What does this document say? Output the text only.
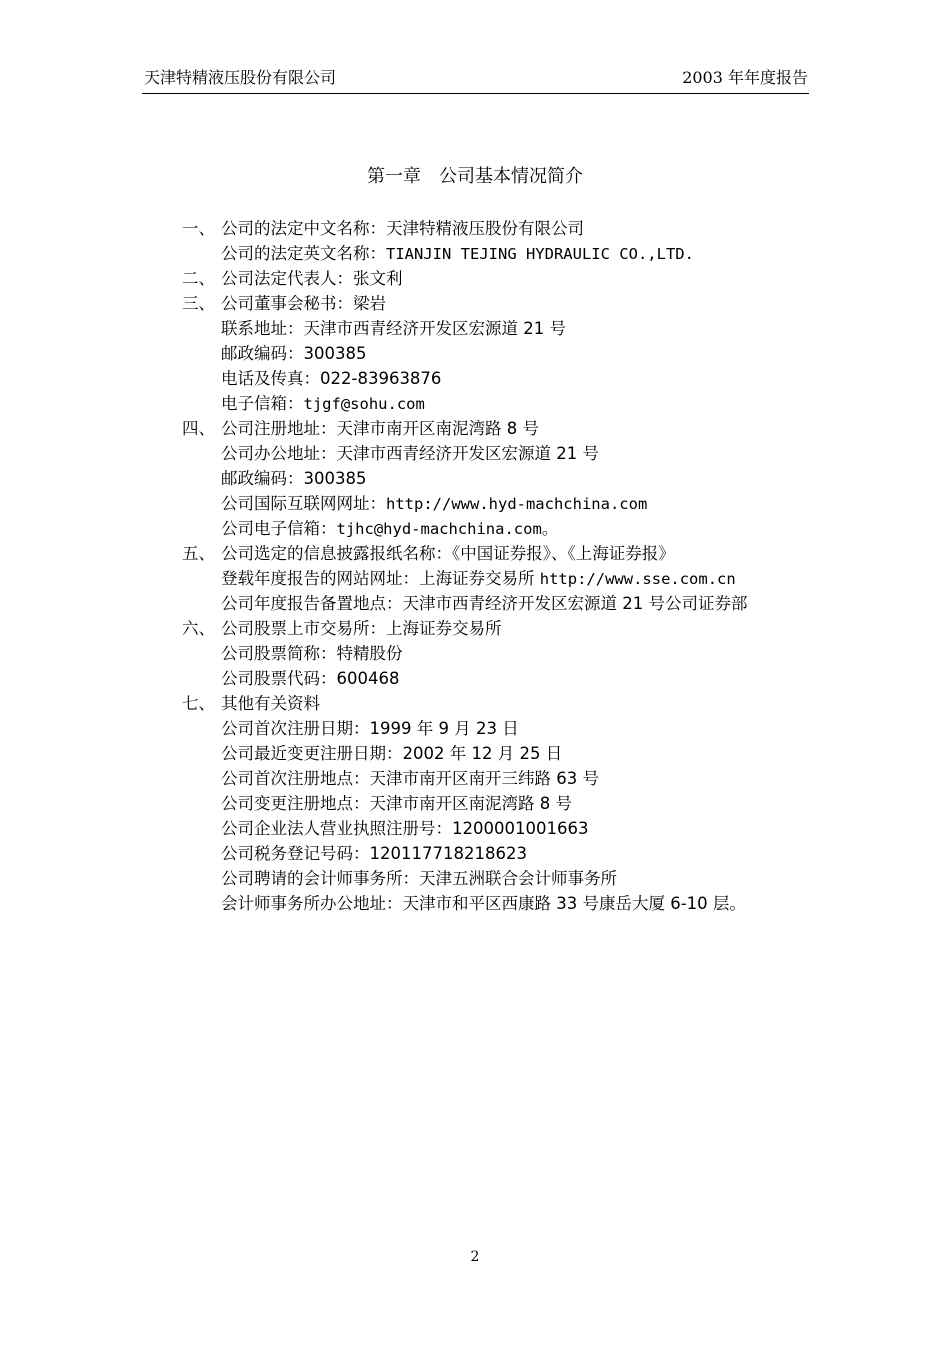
天津特精液压股份有限公司	2003 年年度报告
第一章　公司基本情况简介
一、 公司的法定中文名称：天津特精液压股份有限公司
公司的法定英文名称：TIANJIN TEJING HYDRAULIC CO.,LTD.
二、 公司法定代表人：张文利
三、 公司董事会秘书：梁岩
联系地址：天津市西青经济开发区宏源道 21 号
邮政编码：300385
电话及传真：022-83963876
电子信箱：tjgf@sohu.com
四、 公司注册地址：天津市南开区南泥湾路 8 号
公司办公地址：天津市西青经济开发区宏源道 21 号
邮政编码：300385
公司国际互联网网址：http://www.hyd-machchina.com
公司电子信箱：tjhc@hyd-machchina.com。
五、 公司选定的信息披露报纸名称：《中国证券报》、《上海证券报》
登载年度报告的网站网址：上海证券交易所 http://www.sse.com.cn
公司年度报告备置地点：天津市西青经济开发区宏源道 21 号公司证券部
六、 公司股票上市交易所：上海证券交易所
公司股票简称：特精股份
公司股票代码：600468
七、 其他有关资料
公司首次注册日期：1999 年 9 月 23 日
公司最近变更注册日期：2002 年 12 月 25 日
公司首次注册地点：天津市南开区南开三纬路 63 号
公司变更注册地点：天津市南开区南泥湾路 8 号
公司企业法人营业执照注册号：1200001001663
公司税务登记号码：120117718218623
公司聘请的会计师事务所：天津五洲联合会计师事务所
会计师事务所办公地址：天津市和平区西康路 33 号康岳大厦 6-10 层。
2
